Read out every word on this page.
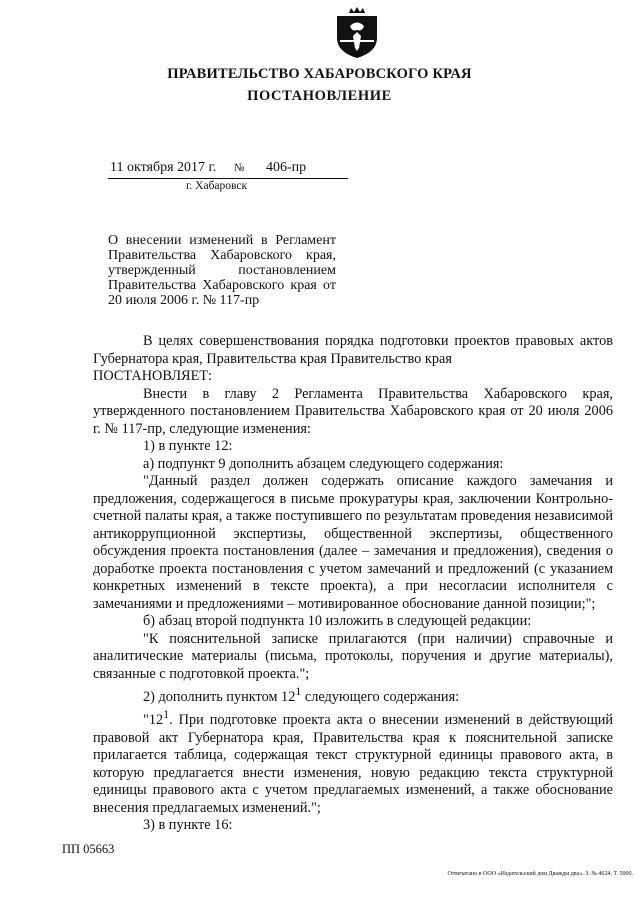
ПРАВИТЕЛЬСТВО ХАБАРОВСКОГО КРАЯ
ПОСТАНОВЛЕНИЕ
11 октября 2017 г. № 406-пр
г. Хабаровск
О внесении изменений в Регламент Правительства Хабаровского края, утвержденный постановлением Правительства Хабаровского края от 20 июля 2006 г. № 117-пр

В целях совершенствования порядка подготовки проектов правовых актов Губернатора края, Правительства края Правительство края

ПОСТАНОВЛЯЕТ:

Внести в главу 2 Регламента Правительства Хабаровского края, утвержденного постановлением Правительства Хабаровского края от 20 июля 2006 г. № 117-пр, следующие изменения:

1) в пункте 12:

а) подпункт 9 дополнить абзацем следующего содержания:

"Данный раздел должен содержать описание каждого замечания и предложения, содержащегося в письме прокуратуры края, заключении Контрольно-счетной палаты края, а также поступившего по результатам проведения независимой антикоррупционной экспертизы, общественной экспертизы, общественного обсуждения проекта постановления (далее – замечания и предложения), сведения о доработке проекта постановления с учетом замечаний и предложений (с указанием конкретных изменений в тексте проекта), а при несогласии исполнителя с замечаниями и предложениями – мотивированное обоснование данной позиции;";

б) абзац второй подпункта 10 изложить в следующей редакции:

"К пояснительной записке прилагаются (при наличии) справочные и аналитические материалы (письма, протоколы, поручения и другие материалы), связанные с подготовкой проекта.";

2) дополнить пунктом $12^1$ следующего содержания:

"$12^1$. При подготовке проекта акта о внесении изменений в действующий правовой акт Губернатора края, Правительства края к пояснительной записке прилагается таблица, содержащая текст структурной единицы правового акта, в которую предлагается внести изменения, новую редакцию текста структурной единицы правового акта с учетом предлагаемых изменений, а также обоснование внесения предлагаемых изменений.";

3) в пункте 16:

ПП 05663
Отпечатано в ООО «Издательский дом Дважды два». З. № 4624. Т. 5000.
